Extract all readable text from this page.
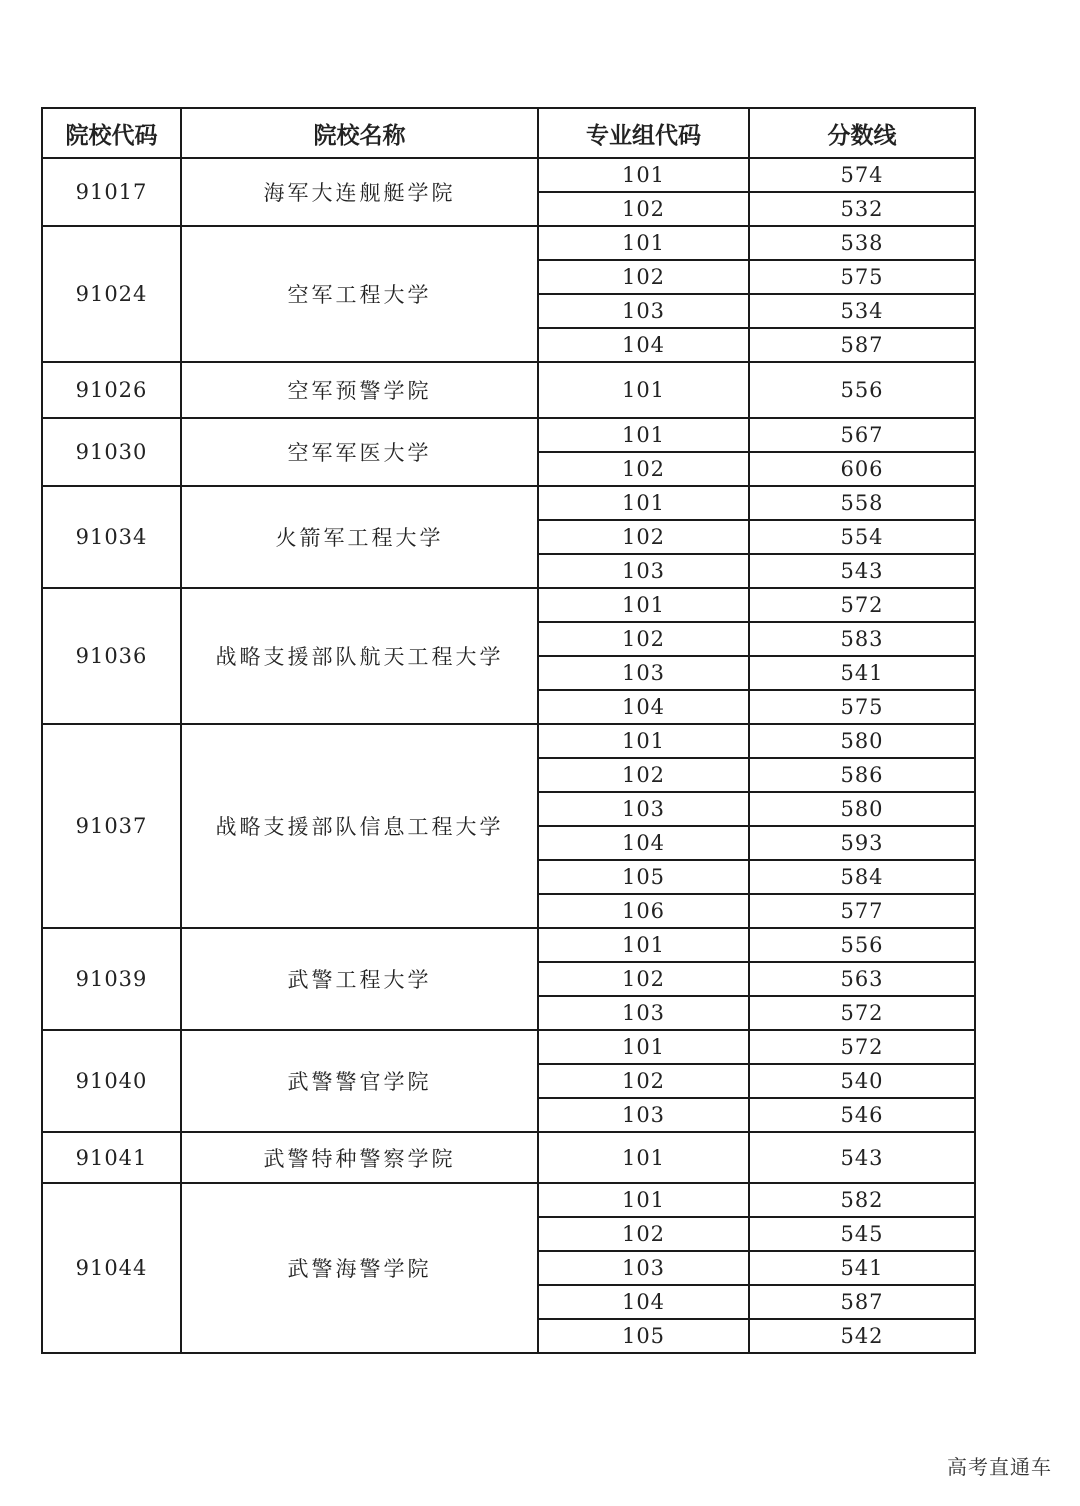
院校代码	院校名称	专业组代码	分数线
91017	海军大连舰艇学院	101	574
		102	532
91024	空军工程大学	101	538
		102	575
		103	534
		104	587
91026	空军预警学院	101	556
91030	空军军医大学	101	567
		102	606
91034	火箭军工程大学	101	558
		102	554
		103	543
91036	战略支援部队航天工程大学	101	572
		102	583
		103	541
		104	575
91037	战略支援部队信息工程大学	101	580
		102	586
		103	580
		104	593
		105	584
		106	577
91039	武警工程大学	101	556
		102	563
		103	572
91040	武警警官学院	101	572
		102	540
		103	546
91041	武警特种警察学院	101	543
91044	武警海警学院	101	582
		102	545
		103	541
		104	587
		105	542
高考直通车
